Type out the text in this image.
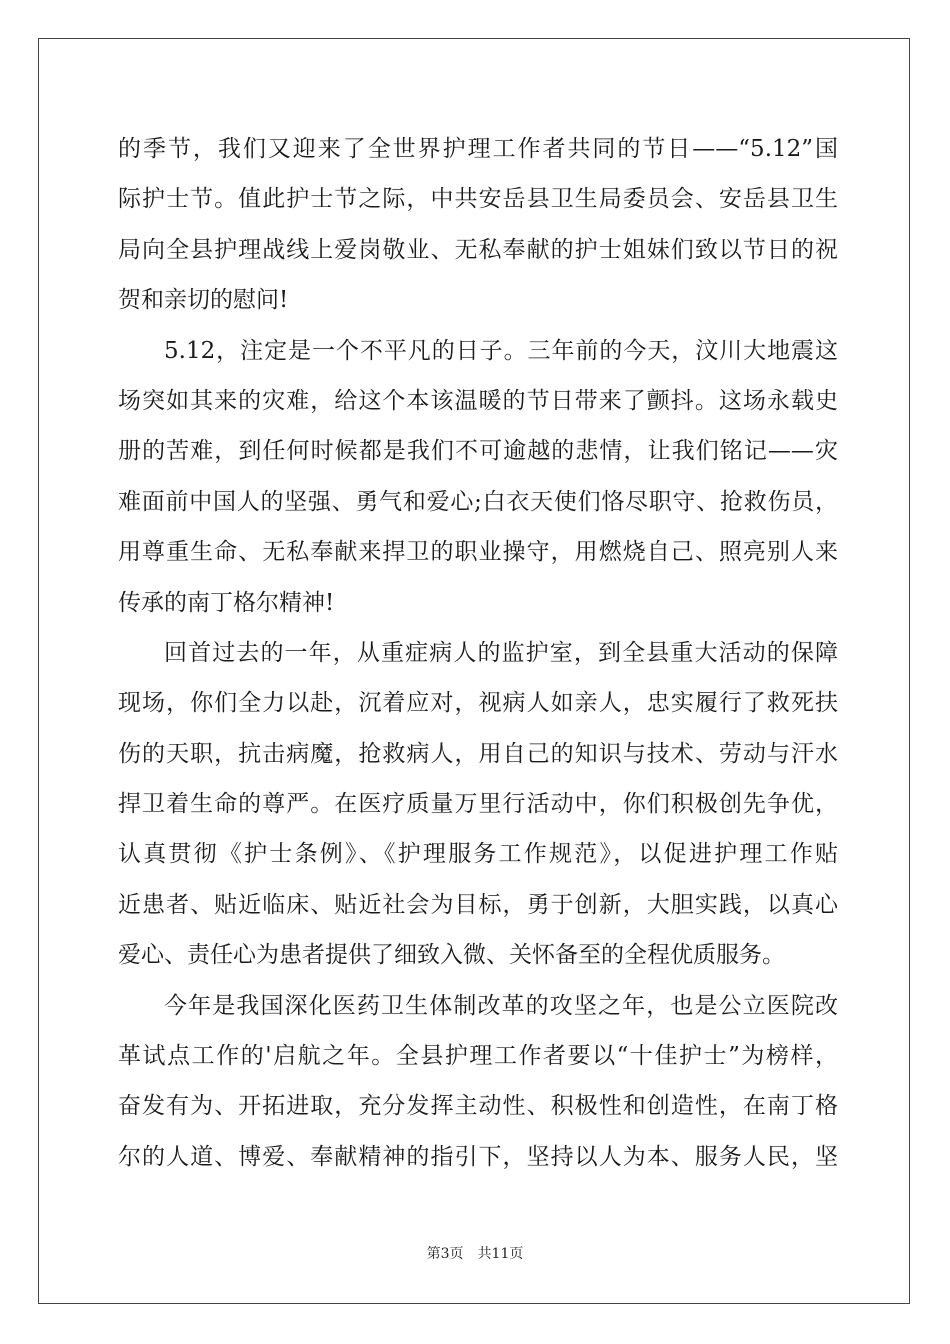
的季节，我们又迎来了全世界护理工作者共同的节日——“5.12”国
际护士节。值此护士节之际，中共安岳县卫生局委员会、安岳县卫生
局向全县护理战线上爱岗敬业、无私奉献的护士姐妹们致以节日的祝
贺和亲切的慰问!
5.12，注定是一个不平凡的日子。三年前的今天，汶川大地震这
场突如其来的灾难，给这个本该温暖的节日带来了颤抖。这场永载史
册的苦难，到任何时候都是我们不可逾越的悲情，让我们铭记——灾
难面前中国人的坚强、勇气和爱心;白衣天使们恪尽职守、抢救伤员，
用尊重生命、无私奉献来捍卫的职业操守，用燃烧自己、照亮别人来
传承的南丁格尔精神!
回首过去的一年，从重症病人的监护室，到全县重大活动的保障
现场，你们全力以赴，沉着应对，视病人如亲人，忠实履行了救死扶
伤的天职，抗击病魔，抢救病人，用自己的知识与技术、劳动与汗水
捍卫着生命的尊严。在医疗质量万里行活动中，你们积极创先争优，
认真贯彻《护士条例》、《护理服务工作规范》，以促进护理工作贴
近患者、贴近临床、贴近社会为目标，勇于创新，大胆实践，以真心
爱心、责任心为患者提供了细致入微、关怀备至的全程优质服务。
今年是我国深化医药卫生体制改革的攻坚之年，也是公立医院改
革试点工作的'启航之年。全县护理工作者要以“十佳护士”为榜样，
奋发有为、开拓进取，充分发挥主动性、积极性和创造性，在南丁格
尔的人道、博爱、奉献精神的指引下，坚持以人为本、服务人民，坚
第3页 共11页
